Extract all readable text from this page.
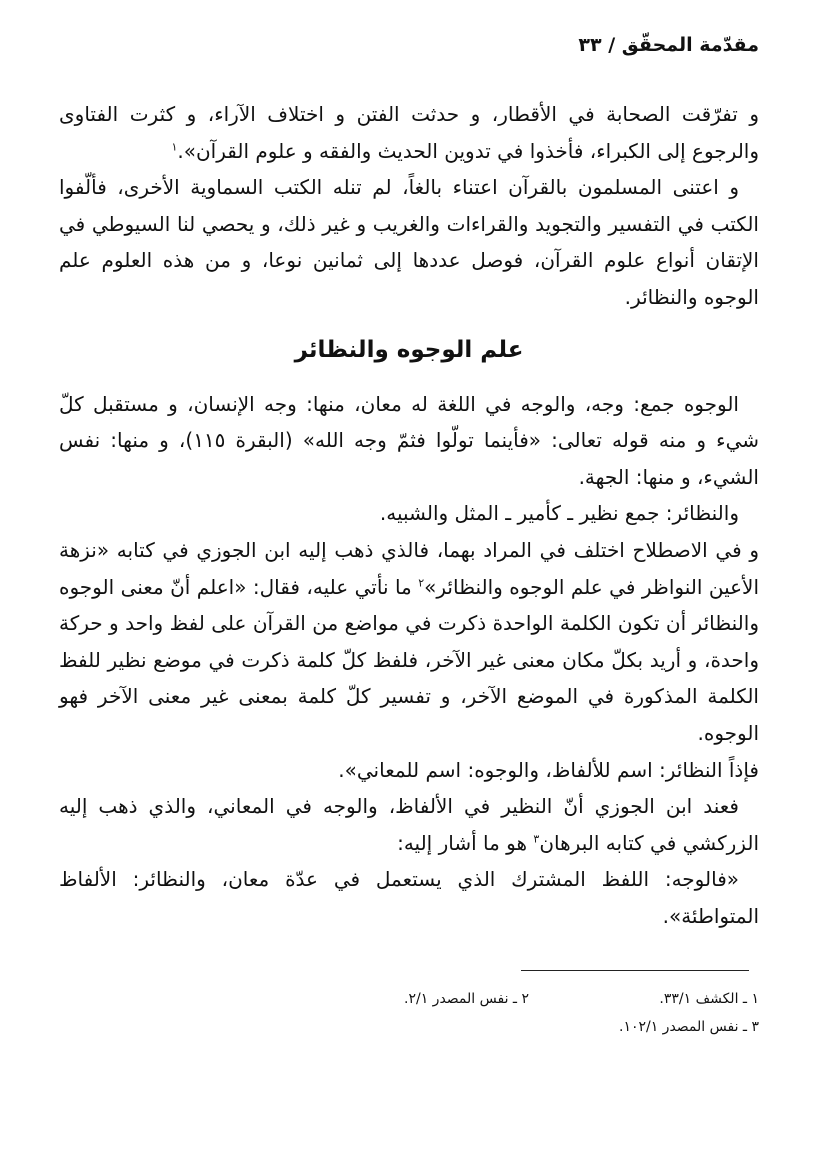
مقدّمة المحقّق / ٣٣

و تفرّقت الصحابة في الأقطار، و حدثت الفتن و اختلاف الآراء، و كثرت الفتاوى والرجوع إلى الكبراء، فأخذوا في تدوين الحديث والفقه و علوم القرآن».$^١$

و اعتنى المسلمون بالقرآن اعتناء بالغاً، لم تنله الكتب السماوية الأخرى، فألّفوا الكتب في التفسير والتجويد والقراءات والغريب و غير ذلك، و يحصي لنا السيوطي في الإتقان أنواع علوم القرآن، فوصل عددها إلى ثمانين نوعا، و من هذه العلوم علم الوجوه والنظائر.

علم الوجوه والنظائر

الوجوه جمع: وجه، والوجه في اللغة له معان، منها: وجه الإنسان، و مستقبل كلّ شيء و منه قوله تعالى: «فأينما تولّوا فثمّ وجه الله» (البقرة ١١٥)، و منها: نفس الشيء، و منها: الجهة.

والنظائر: جمع نظير ـ كأمير ـ المثل والشبيه.

و في الاصطلاح اختلف في المراد بهما، فالذي ذهب إليه ابن الجوزي في كتابه «نزهة الأعين النواظر في علم الوجوه والنظائر»$^٢$ ما نأتي عليه، فقال: «اعلم أنّ معنى الوجوه والنظائر أن تكون الكلمة الواحدة ذكرت في مواضع من القرآن على لفظ واحد و حركة واحدة، و أريد بكلّ مكان معنى غير الآخر، فلفظ كلّ كلمة ذكرت في موضع نظير للفظ الكلمة المذكورة في الموضع الآخر، و تفسير كلّ كلمة بمعنى غير معنى الآخر فهو الوجوه.

فإذاً النظائر: اسم للألفاظ، والوجوه: اسم للمعاني».

فعند ابن الجوزي أنّ النظير في الألفاظ، والوجه في المعاني، والذي ذهب إليه الزركشي في كتابه البرهان$^٣$ هو ما أشار إليه:

«فالوجه: اللفظ المشترك الذي يستعمل في عدّة معان، والنظائر: الألفاظ المتواطئة».

١ ـ الكشف ٣٣/١.
٢ ـ نفس المصدر ٢/١.
٣ ـ نفس المصدر ١٠٢/١.
